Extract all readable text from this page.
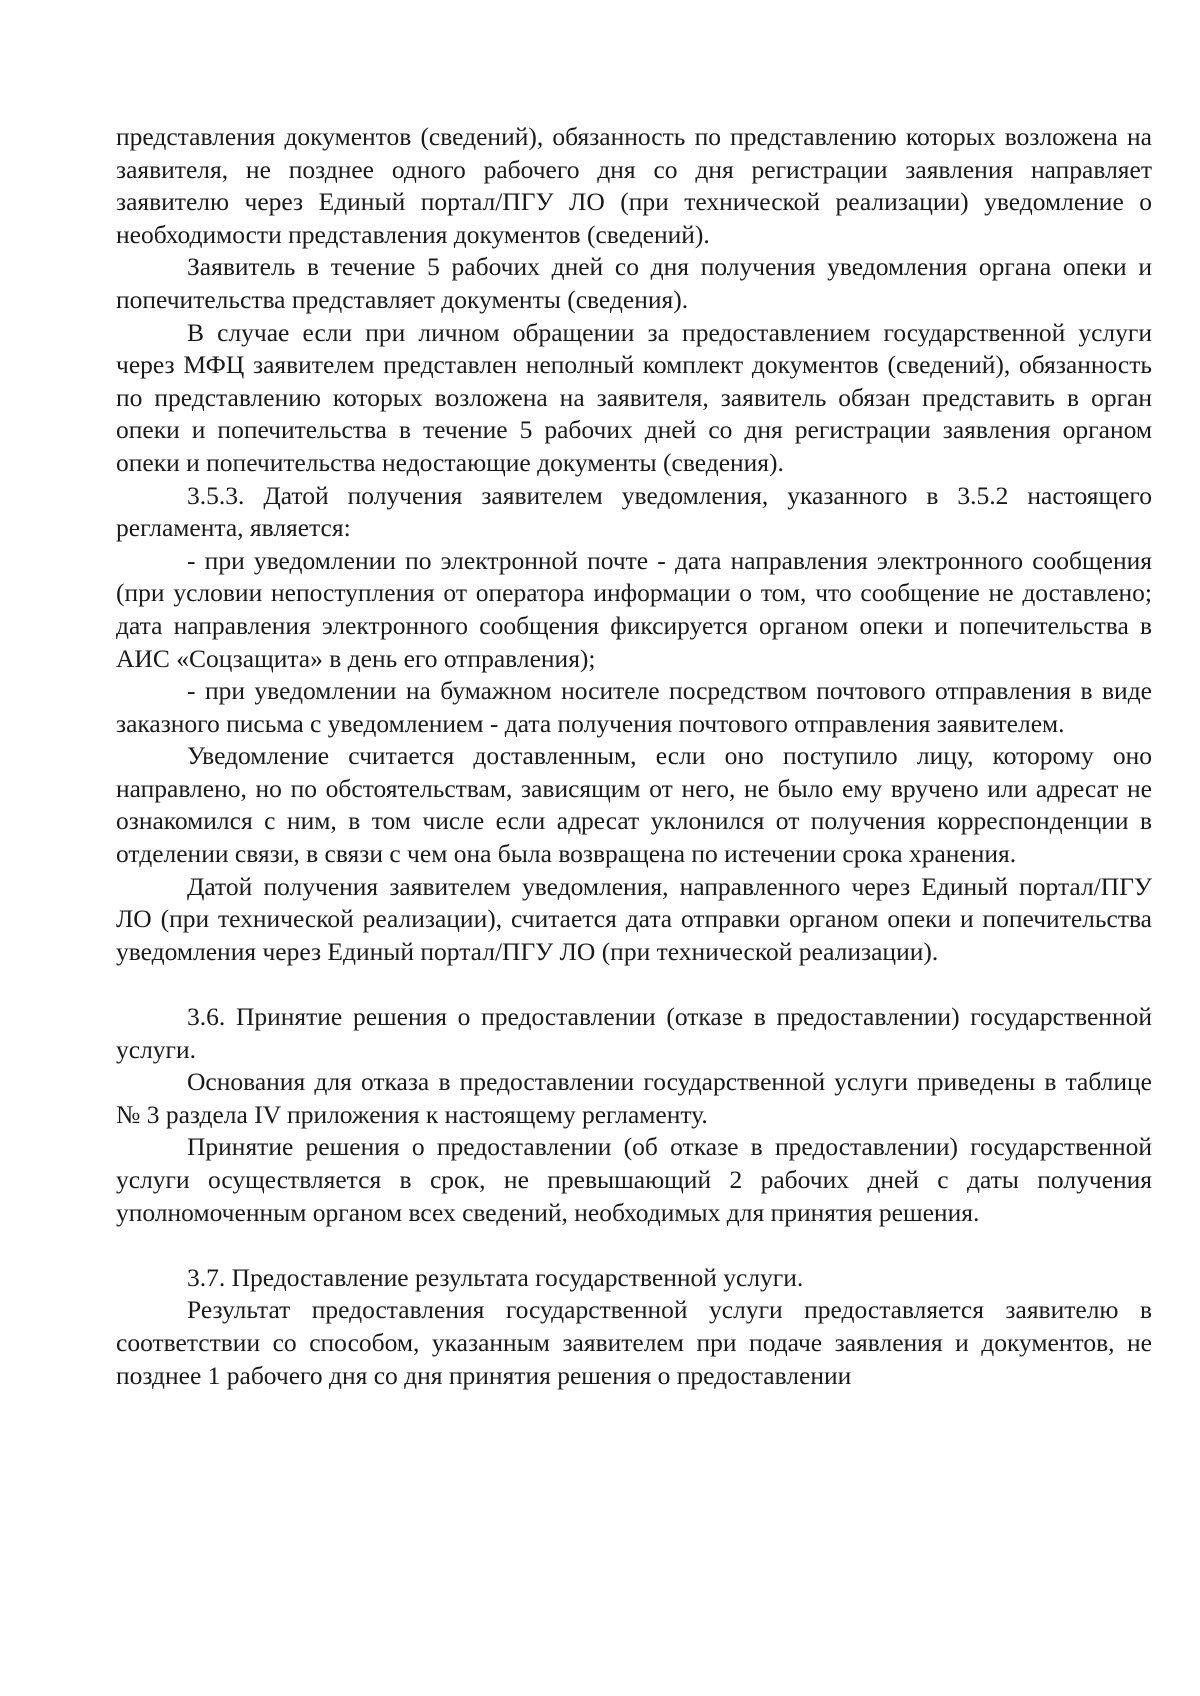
представления документов (сведений), обязанность по представлению которых возложена на заявителя, не позднее одного рабочего дня со дня регистрации заявления направляет заявителю через Единый портал/ПГУ ЛО (при технической реализации) уведомление о необходимости представления документов (сведений).

Заявитель в течение 5 рабочих дней со дня получения уведомления органа опеки и попечительства представляет документы (сведения).

В случае если при личном обращении за предоставлением государственной услуги через МФЦ заявителем представлен неполный комплект документов (сведений), обязанность по представлению которых возложена на заявителя, заявитель обязан представить в орган опеки и попечительства в течение 5 рабочих дней со дня регистрации заявления органом опеки и попечительства недостающие документы (сведения).

3.5.3. Датой получения заявителем уведомления, указанного в 3.5.2 настоящего регламента, является:

- при уведомлении по электронной почте - дата направления электронного сообщения (при условии непоступления от оператора информации о том, что сообщение не доставлено; дата направления электронного сообщения фиксируется органом опеки и попечительства в АИС «Соцзащита» в день его отправления);

- при уведомлении на бумажном носителе посредством почтового отправления в виде заказного письма с уведомлением - дата получения почтового отправления заявителем.

Уведомление считается доставленным, если оно поступило лицу, которому оно направлено, но по обстоятельствам, зависящим от него, не было ему вручено или адресат не ознакомился с ним, в том числе если адресат уклонился от получения корреспонденции в отделении связи, в связи с чем она была возвращена по истечении срока хранения.

Датой получения заявителем уведомления, направленного через Единый портал/ПГУ ЛО (при технической реализации), считается дата отправки органом опеки и попечительства уведомления через Единый портал/ПГУ ЛО (при технической реализации).

3.6. Принятие решения о предоставлении (отказе в предоставлении) государственной услуги.

Основания для отказа в предоставлении государственной услуги приведены в таблице № 3 раздела IV приложения к настоящему регламенту.

Принятие решения о предоставлении (об отказе в предоставлении) государственной услуги осуществляется в срок, не превышающий 2 рабочих дней с даты получения уполномоченным органом всех сведений, необходимых для принятия решения.

3.7. Предоставление результата государственной услуги.

Результат предоставления государственной услуги предоставляется заявителю в соответствии со способом, указанным заявителем при подаче заявления и документов, не позднее 1 рабочего дня со дня принятия решения о предоставлении
